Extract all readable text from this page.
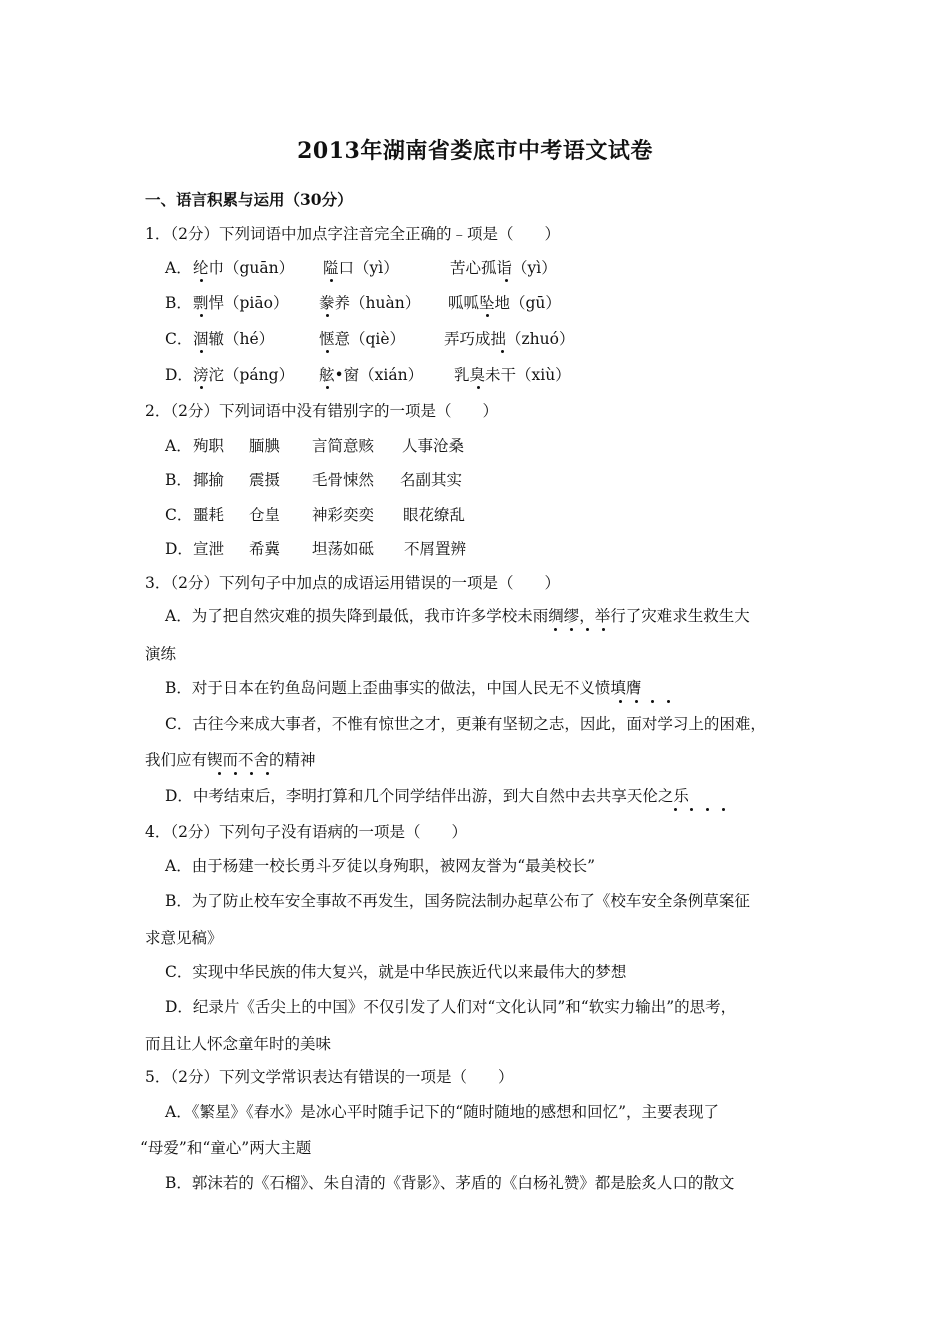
2013年湖南省娄底市中考语文试卷
一、语言积累与运用（30分）
1．（2分）下列词语中加点字注音完全正确的﹣项是（　　）
A． 纶巾（guān） 隘口（yì）	苦心孤诣（yì）
B． 剽悍（piāo） 豢养（huàn） 呱呱坠地（gū）
C． 涸辙（hé）	惬意（qiè）	弄巧成拙（zhuó）
D． 滂沱（páng） 舷•窗（xián） 乳臭未干（xiù）
2．（2分）下列词语中没有错别字的一项是（　　）
A． 殉职 腼腆 言简意赅 人事沧桑
B． 揶揄 震摄 毛骨悚然 名副其实
C． 噩耗 仓皇 神彩奕奕 眼花缭乱
D． 宣泄 希冀 坦荡如砥 不屑置辨
3．（2分）下列句子中加点的成语运用错误的一项是（　　）
A．为了把自然灾难的损失降到最低，我市许多学校未雨绸缪，举行了灾难求生救生大
演练
B．对于日本在钓鱼岛问题上歪曲事实的做法，中国人民无不义愤填膺
C．古往今来成大事者，不惟有惊世之才，更兼有坚韧之志，因此，面对学习上的困难，
我们应有锲而不舍的精神
D．中考结束后，李明打算和几个同学结伴出游，到大自然中去共享天伦之乐
4．（2分）下列句子没有语病的一项是（　　）
A．由于杨建一校长勇斗歹徒以身殉职，被网友誉为“最美校长”
B．为了防止校车安全事故不再发生，国务院法制办起草公布了《校车安全条例草案征
求意见稿》
C．实现中华民族的伟大复兴，就是中华民族近代以来最伟大的梦想
D．纪录片《舌尖上的中国》不仅引发了人们对“文化认同”和“软实力输出”的思考，
而且让人怀念童年时的美味
5．（2分）下列文学常识表达有错误的一项是（　　）
A．《繁星》《春水》是冰心平时随手记下的“随时随地的感想和回忆”，主要表现了
“母爱”和“童心”两大主题
B．郭沫若的《石榴》、朱自清的《背影》、茅盾的《白杨礼赞》都是脍炙人口的散文
